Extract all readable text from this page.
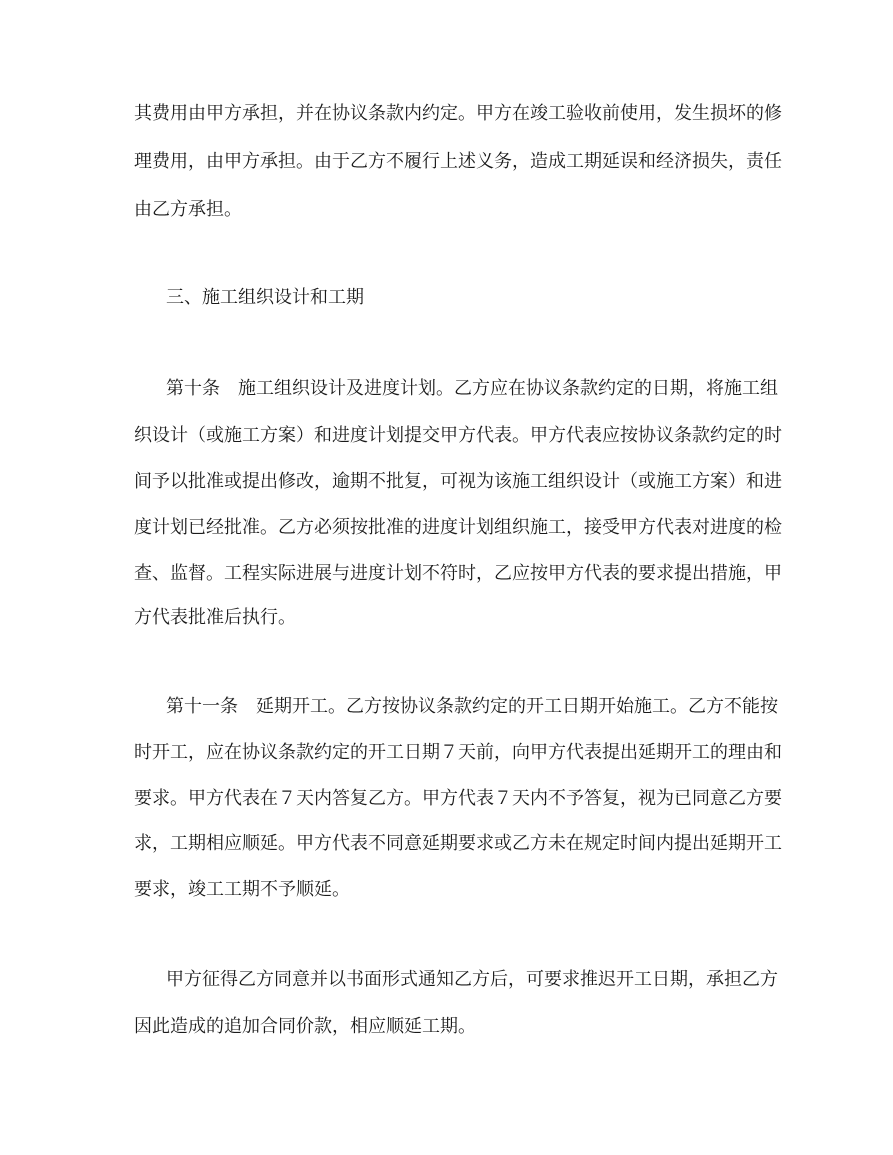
其费用由甲方承担，并在协议条款内约定。甲方在竣工验收前使用，发生损坏的修
理费用，由甲方承担。由于乙方不履行上述义务，造成工期延误和经济损失，责任
由乙方承担。
三、施工组织设计和工期
第十条　施工组织设计及进度计划。乙方应在协议条款约定的日期，将施工组
织设计（或施工方案）和进度计划提交甲方代表。甲方代表应按协议条款约定的时
间予以批准或提出修改，逾期不批复，可视为该施工组织设计（或施工方案）和进
度计划已经批准。乙方必须按批准的进度计划组织施工，接受甲方代表对进度的检
查、监督。工程实际进展与进度计划不符时，乙应按甲方代表的要求提出措施，甲
方代表批准后执行。
第十一条　延期开工。乙方按协议条款约定的开工日期开始施工。乙方不能按
时开工，应在协议条款约定的开工日期７天前，向甲方代表提出延期开工的理由和
要求。甲方代表在７天内答复乙方。甲方代表７天内不予答复，视为已同意乙方要
求，工期相应顺延。甲方代表不同意延期要求或乙方未在规定时间内提出延期开工
要求，竣工工期不予顺延。
甲方征得乙方同意并以书面形式通知乙方后，可要求推迟开工日期，承担乙方
因此造成的追加合同价款，相应顺延工期。
